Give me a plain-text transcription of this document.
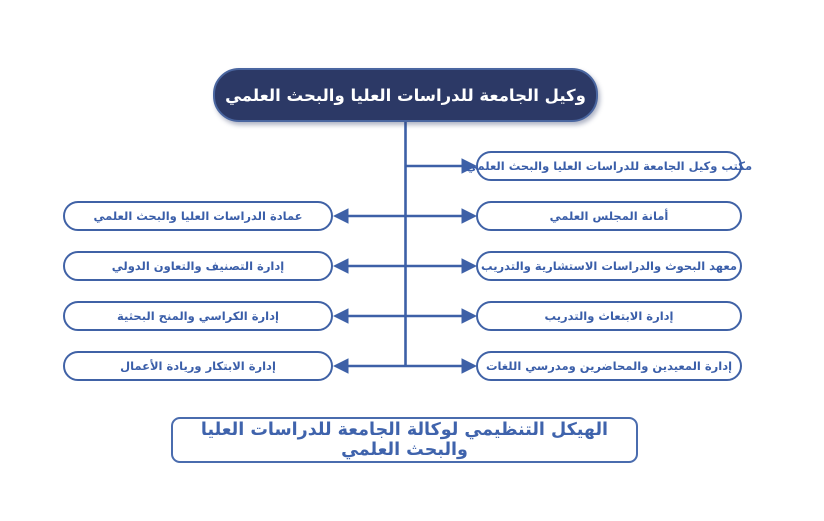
وكيل الجامعة للدراسات العليا والبحث العلمي
مكتب وكيل الجامعة للدراسات العليا والبحث العلمي
أمانة المجلس العلمي
معهد البحوث والدراسات الاستشارية والتدريب
إدارة الابتعاث والتدريب
إدارة المعيدين والمحاضرين ومدرسي اللغات
عمادة الدراسات العليا والبحث العلمي
إدارة التصنيف والتعاون الدولي
إدارة الكراسي والمنح البحثية
إدارة الابتكار وريادة الأعمال
الهيكل التنظيمي لوكالة الجامعة للدراسات العليا والبحث العلمي
